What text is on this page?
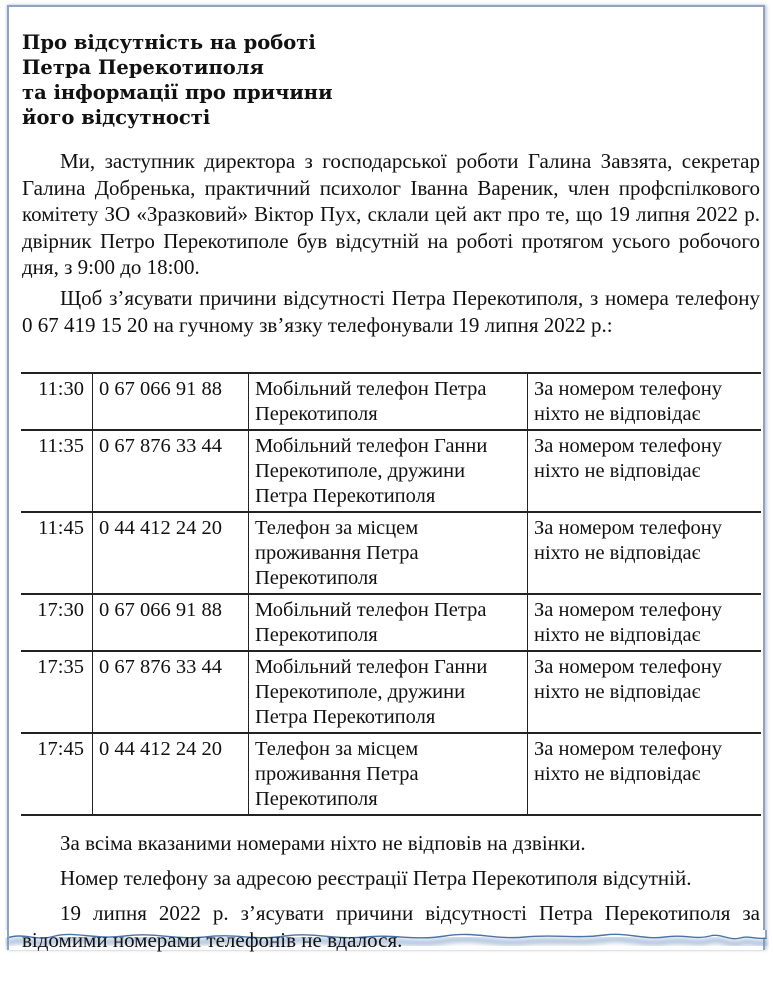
Про відсутність на роботі
Петра Перекотиполя
та інформації про причини
його відсутності

Ми, заступник директора з господарської роботи Галина Завзята, секретар Галина Добренька, практичний психолог Іванна Вареник, член профспілкового комітету ЗО «Зразковий» Віктор Пух, склали цей акт про те, що 19 липня 2022 р. двірник Петро Перекотиполе був відсутній на роботі протягом усього робочого дня, з 9:00 до 18:00.

Щоб з’ясувати причини відсутності Петра Перекотиполя, з номера телефону 0 67 419 15 20 на гучному зв’язку телефонували 19 липня 2022 р.:

11:30	0 67 066 91 88	Мобільний телефон Петра Перекотиполя	За номером телефону ніхто не відповідає
11:35	0 67 876 33 44	Мобільний телефон Ганни Перекотиполе, дружини Петра Перекотиполя	За номером телефону ніхто не відповідає
11:45	0 44 412 24 20	Телефон за місцем проживання Петра Перекотиполя	За номером телефону ніхто не відповідає
17:30	0 67 066 91 88	Мобільний телефон Петра Перекотиполя	За номером телефону ніхто не відповідає
17:35	0 67 876 33 44	Мобільний телефон Ганни Перекотиполе, дружини Петра Перекотиполя	За номером телефону ніхто не відповідає
17:45	0 44 412 24 20	Телефон за місцем проживання Петра Перекотиполя	За номером телефону ніхто не відповідає

За всіма вказаними номерами ніхто не відповів на дзвінки.

Номер телефону за адресою реєстрації Петра Перекотиполя відсутній.

19 липня 2022 р. з’ясувати причини відсутності Петра Перекотиполя за відомими номерами телефонів не вдалося.
